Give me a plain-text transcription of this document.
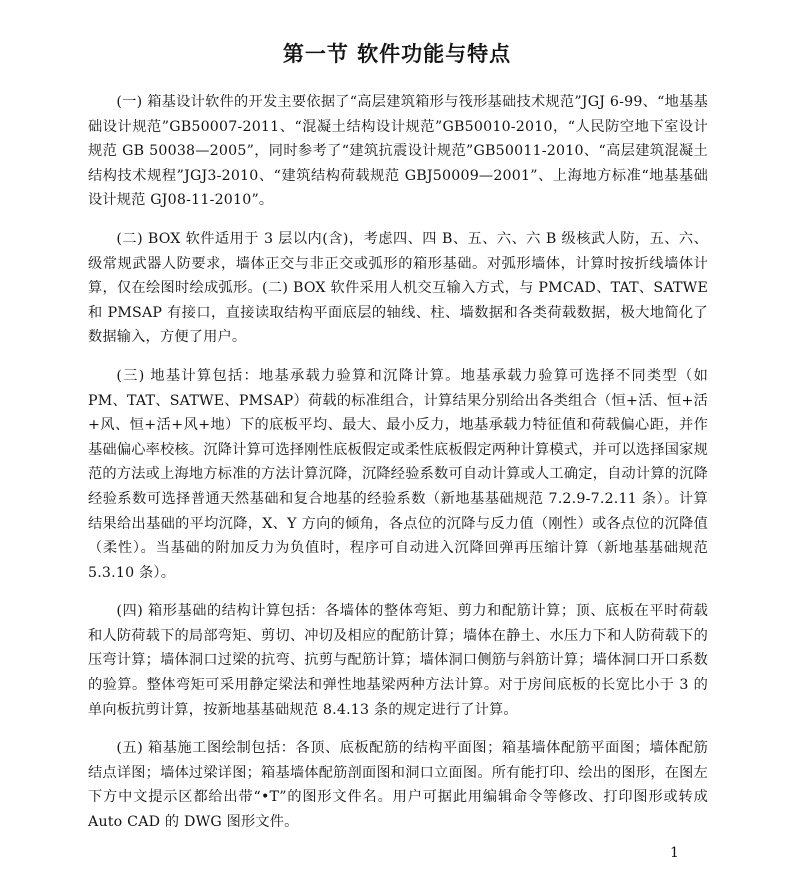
第一节 软件功能与特点

(一) 箱基设计软件的开发主要依据了“高层建筑箱形与筏形基础技术规范”JGJ 6-99、“地基基础设计规范”GB50007-2011、“混凝土结构设计规范”GB50010-2010，“人民防空地下室设计规范 GB 50038—2005”，同时参考了“建筑抗震设计规范”GB50011-2010、“高层建筑混凝土结构技术规程”JGJ3-2010、“建筑结构荷载规范 GBJ50009—2001”、上海地方标准“地基基础设计规范 GJ08-11-2010”。

(二) BOX 软件适用于 3 层以内(含)，考虑四、四 B、五、六、六 B 级核武人防，五、六、级常规武器人防要求，墙体正交与非正交或弧形的箱形基础。对弧形墙体，计算时按折线墙体计算，仅在绘图时绘成弧形。(二) BOX 软件采用人机交互输入方式，与 PMCAD、TAT、SATWE 和 PMSAP 有接口，直接读取结构平面底层的轴线、柱、墙数据和各类荷载数据，极大地简化了数据输入，方便了用户。

(三) 地基计算包括：地基承载力验算和沉降计算。地基承载力验算可选择不同类型（如 PM、TAT、SATWE、PMSAP）荷载的标准组合，计算结果分别给出各类组合（恒+活、恒+活+风、恒+活+风+地）下的底板平均、最大、最小反力，地基承载力特征值和荷载偏心距，并作基础偏心率校核。沉降计算可选择刚性底板假定或柔性底板假定两种计算模式，并可以选择国家规范的方法或上海地方标准的方法计算沉降，沉降经验系数可自动计算或人工确定，自动计算的沉降经验系数可选择普通天然基础和复合地基的经验系数（新地基基础规范 7.2.9-7.2.11 条）。计算结果给出基础的平均沉降，X、Y 方向的倾角，各点位的沉降与反力值（刚性）或各点位的沉降值（柔性）。当基础的附加反力为负值时，程序可自动进入沉降回弹再压缩计算（新地基基础规范 5.3.10 条）。

(四) 箱形基础的结构计算包括：各墙体的整体弯矩、剪力和配筋计算；顶、底板在平时荷载和人防荷载下的局部弯矩、剪切、冲切及相应的配筋计算；墙体在静土、水压力下和人防荷载下的压弯计算；墙体洞口过梁的抗弯、抗剪与配筋计算；墙体洞口侧筋与斜筋计算；墙体洞口开口系数的验算。整体弯矩可采用静定梁法和弹性地基梁两种方法计算。对于房间底板的长宽比小于 3 的单向板抗剪计算，按新地基基础规范 8.4.13 条的规定进行了计算。

(五) 箱基施工图绘制包括：各顶、底板配筋的结构平面图；箱基墙体配筋平面图；墙体配筋结点详图；墙体过梁详图；箱基墙体配筋剖面图和洞口立面图。所有能打印、绘出的图形，在图左下方中文提示区都给出带“•T”的图形文件名。用户可据此用编辑命令等修改、打印图形或转成 Auto CAD 的 DWG 图形文件。

1
